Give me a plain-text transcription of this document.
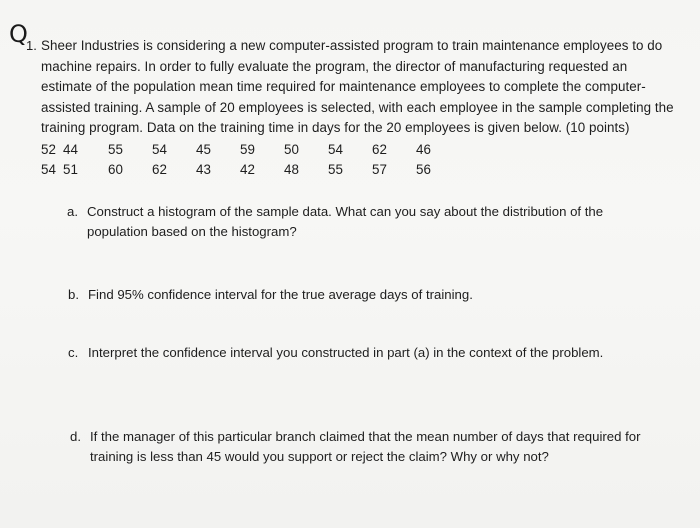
Q
1. Sheer Industries is considering a new computer-assisted program to train maintenance employees to do machine repairs. In order to fully evaluate the program, the director of manufacturing requested an estimate of the population mean time required for maintenance employees to complete the computer-assisted training. A sample of 20 employees is selected, with each employee in the sample completing the training program. Data on the training time in days for the 20 employees is given below. (10 points)
52 44 55 54 45 59 50 54 62 46
54 51 60 62 43 42 48 55 57 56
a. Construct a histogram of the sample data. What can you say about the distribution of the
population based on the histogram?
b. Find 95% confidence interval for the true average days of training.
c. Interpret the confidence interval you constructed in part (a) in the context of the problem.
d. If the manager of this particular branch claimed that the mean number of days that required for
training is less than 45 would you support or reject the claim? Why or why not?
